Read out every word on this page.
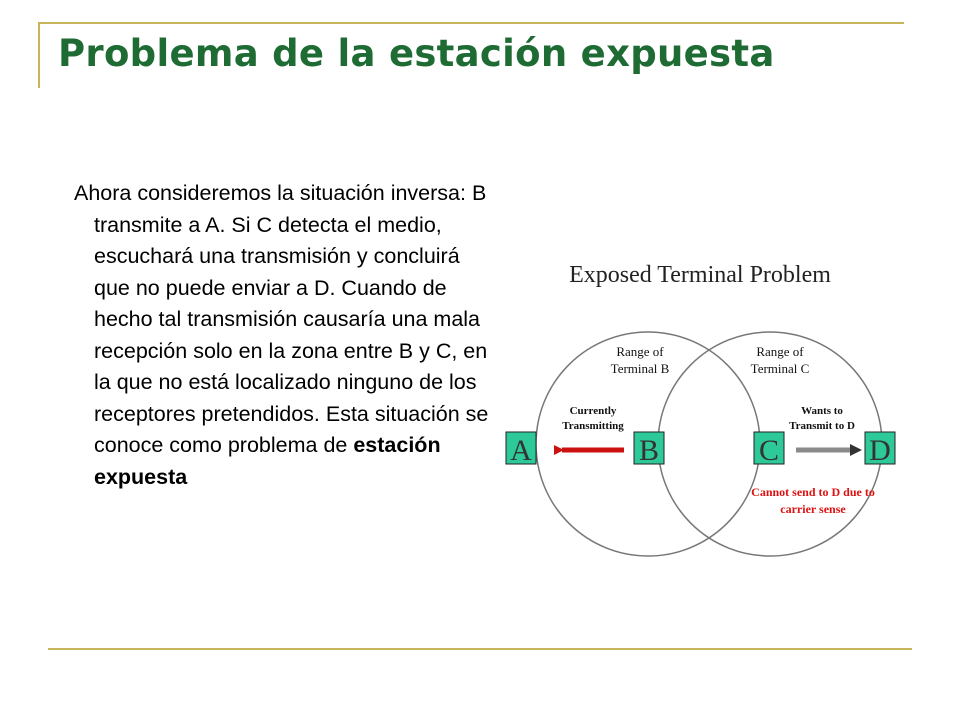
Problema de la estación expuesta

Ahora consideremos la situación inversa: B transmite a A. Si C detecta el medio, escuchará una transmisión y concluirá que no puede enviar a D. Cuando de hecho tal transmisión causaría una mala recepción solo en la zona entre B y C, en la que no está localizado ninguno de los receptores pretendidos. Esta situación se conoce como problema de estación expuesta

Exposed Terminal Problem
Range of
Terminal B
Range of
Terminal C
Currently
Transmitting
Wants to
Transmit to D
A	B	C	D
Cannot send to D due to
carrier sense
